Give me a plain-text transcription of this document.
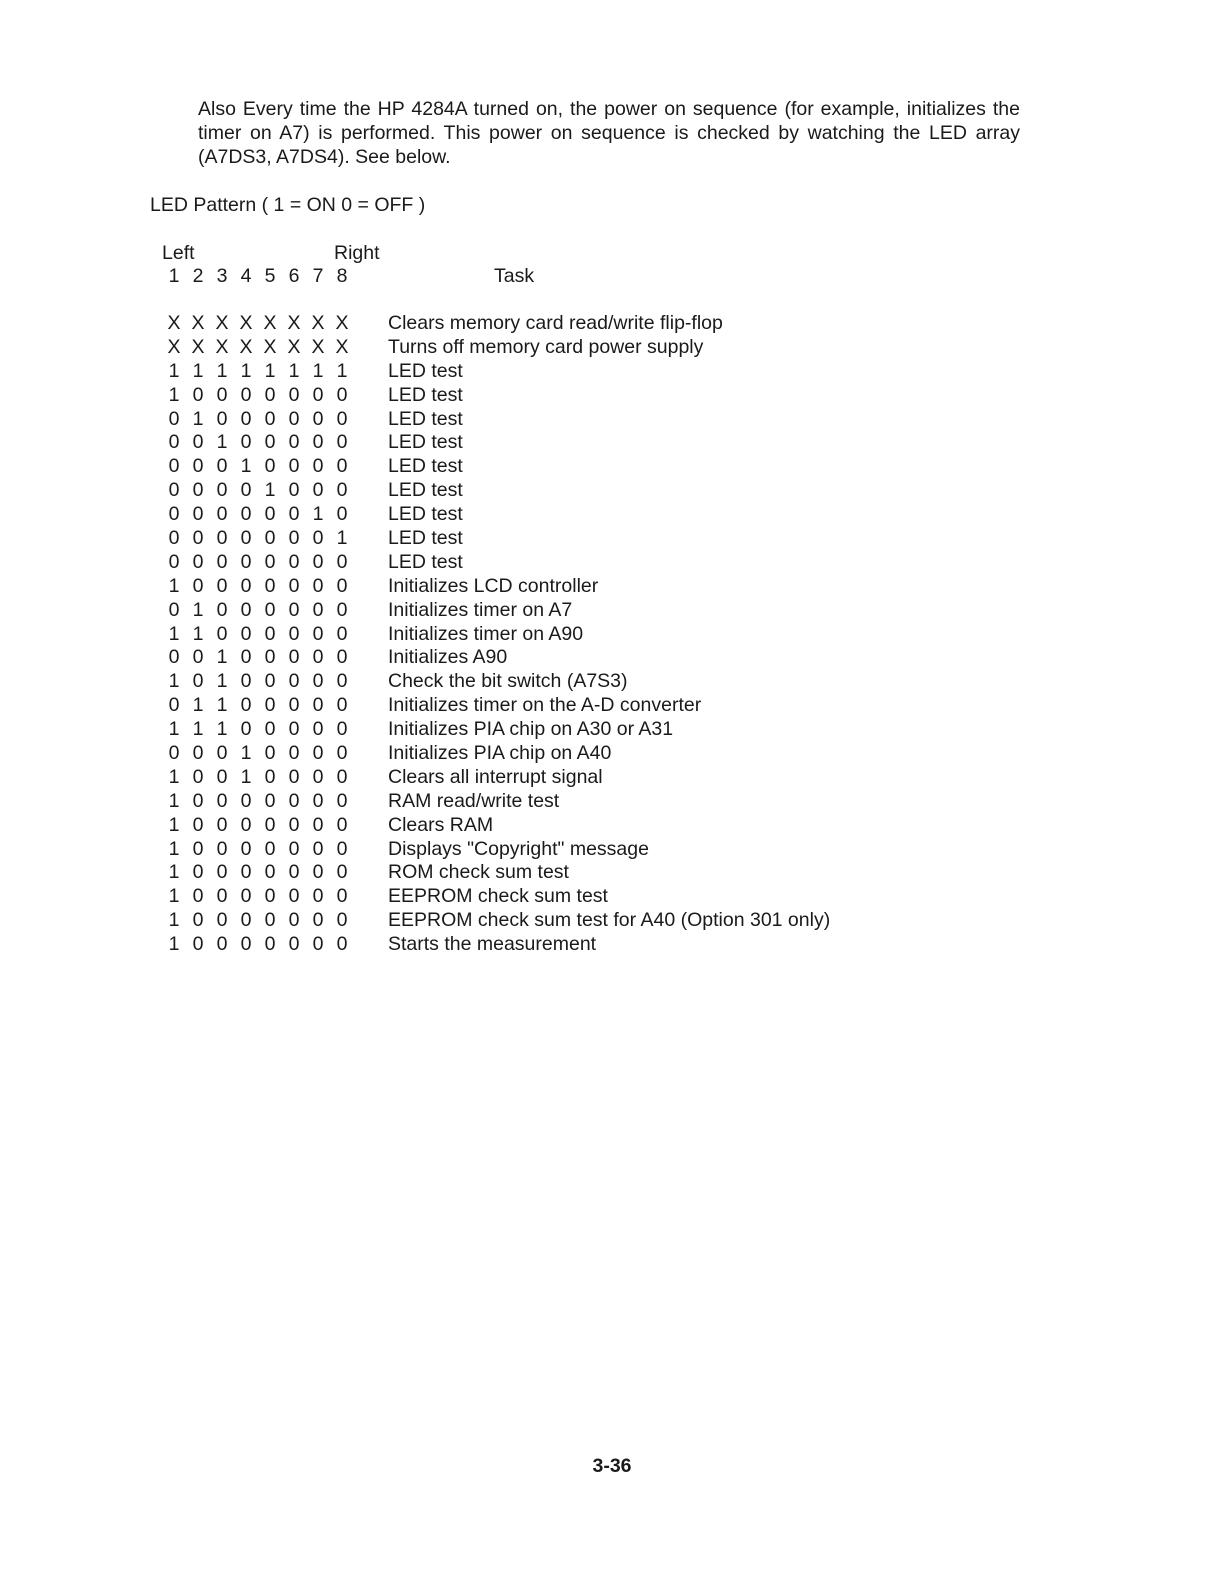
Also Every time the HP 4284A turned on, the power on sequence (for example, initializes the timer on A7) is performed. This power on sequence is checked by watching the LED array (A7DS3, A7DS4). See below.

LED Pattern ( 1 = ON 0 = OFF )

Left	Right
1 2 3 4 5 6 7 8	Task
X X X X X X X X Clears memory card read/write flip-flop
X X X X X X X X Turns off memory card power supply
1 1 1 1 1 1 1 1	LED test
1 0 0 0 0 0 0 0	LED test
0 1 0 0 0 0 0 0	LED test
0 0 1 0 0 0 0 0	LED test
0 0 0 1 0 0 0 0	LED test
0 0 0 0 1 0 0 0	LED test
0 0 0 0 0 0 1 0	LED test
0 0 0 0 0 0 0 1	LED test
0 0 0 0 0 0 0 0	LED test
1 0 0 0 0 0 0 0	Initializes LCD controller
0 1 0 0 0 0 0 0	Initializes timer on A7
1 1 0 0 0 0 0 0	Initializes timer on A90
0 0 1 0 0 0 0 0	Initializes A90
1 0 1 0 0 0 0 0	Check the bit switch (A7S3)
0 1 1 0 0 0 0 0	Initializes timer on the A-D converter
1 1 1 0 0 0 0 0	Initializes PIA chip on A30 or A31
0 0 0 1 0 0 0 0	Initializes PIA chip on A40
1 0 0 1 0 0 0 0	Clears all interrupt signal
1 0 0 0 0 0 0 0	RAM read/write test
1 0 0 0 0 0 0 0	Clears RAM
1 0 0 0 0 0 0 0	Displays "Copyright" message
1 0 0 0 0 0 0 0	ROM check sum test
1 0 0 0 0 0 0 0	EEPROM check sum test
1 0 0 0 0 0 0 0	EEPROM check sum test for A40 (Option 301 only)
1 0 0 0 0 0 0 0	Starts the measurement
3-36
